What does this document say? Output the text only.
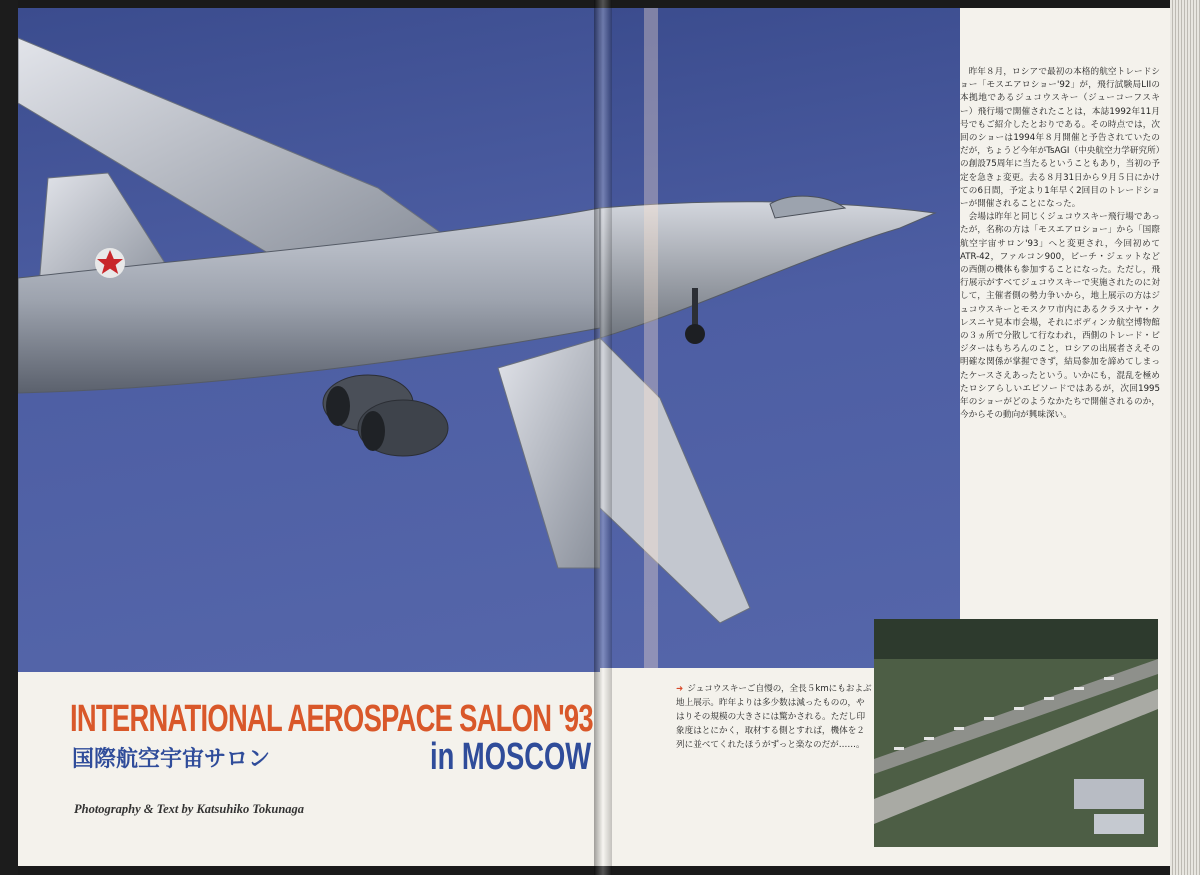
INTERNATIONAL AEROSPACE SALON '93
国際航空宇宙サロン	in MOSCOW
Photography & Text by Katsuhiko Tokunaga

昨年８月，ロシアで最初の本格的航空トレードショー「モスエアロショー'92」が，飛行試験局LIIの本拠地であるジュコウスキー（ジューコーフスキー）飛行場で開催されたことは，本誌1992年11月号でもご紹介したとおりである。その時点では，次回のショーは1994年８月開催と予告されていたのだが，ちょうど今年がTsAGI（中央航空力学研究所）の創設75周年に当たるということもあり，当初の予定を急きょ変更。去る８月31日から９月５日にかけての6日間，予定より1年早く2回目のトレードショーが開催されることになった。

会場は昨年と同じくジュコウスキー飛行場であったが，名称の方は「モスエアロショー」から「国際航空宇宙サロン'93」へと変更され，今回初めてATR-42，ファルコン900，ビーチ・ジェットなどの西側の機体も参加することになった。ただし，飛行展示がすべてジュコウスキーで実施されたのに対して，主催者側の勢力争いから，地上展示の方はジュコウスキーとモスクワ市内にあるクラスナヤ・クレスニヤ見本市会場，それにボディンカ航空博物館の３ヵ所で分散して行なわれ，西側のトレード・ビジターはもちろんのこと，ロシアの出展者さえその明確な関係が掌握できず，結局参加を諦めてしまったケースさえあったという。いかにも，混乱を極めたロシアらしいエピソードではあるが，次回1995年のショーがどのようなかたちで開催されるのか，今からその動向が興味深い。

➜ ジュコウスキーご自慢の，全長５kmにもおよぶ地上展示。昨年よりは多少数は減ったものの，やはりその規模の大きさには驚かされる。ただし印象度はとにかく，取材する側とすれば，機体を２列に並べてくれたほうがずっと楽なのだが……。
